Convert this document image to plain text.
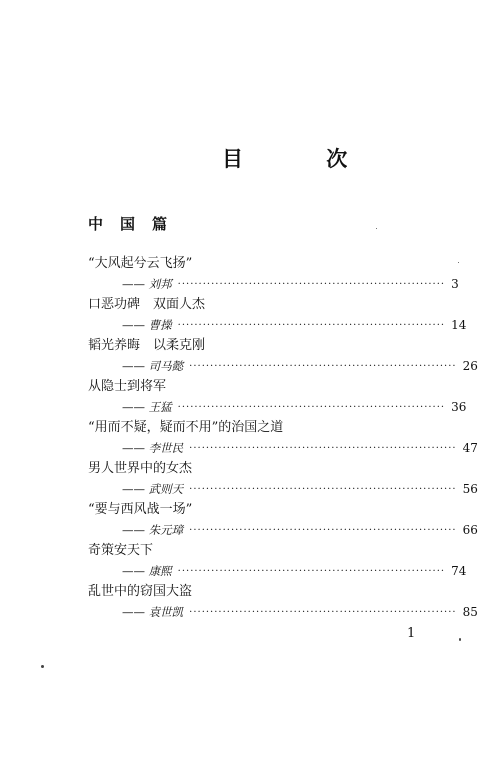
目 次
中国篇
“大风起兮云飞扬”
—— 刘邦 ································································ 3
口恶功碑　双面人杰
—— 曹操 ································································ 14
韬光养晦　以柔克刚
—— 司马懿 ································································ 26
从隐士到将军
—— 王猛 ································································ 36
“用而不疑，疑而不用”的治国之道
—— 李世民 ································································ 47
男人世界中的女杰
—— 武则天 ································································ 56
“要与西风战一场”
—— 朱元璋 ································································ 66
奇策安天下
—— 康熙 ································································ 74
乱世中的窃国大盗
—— 袁世凯 ································································ 85
1
